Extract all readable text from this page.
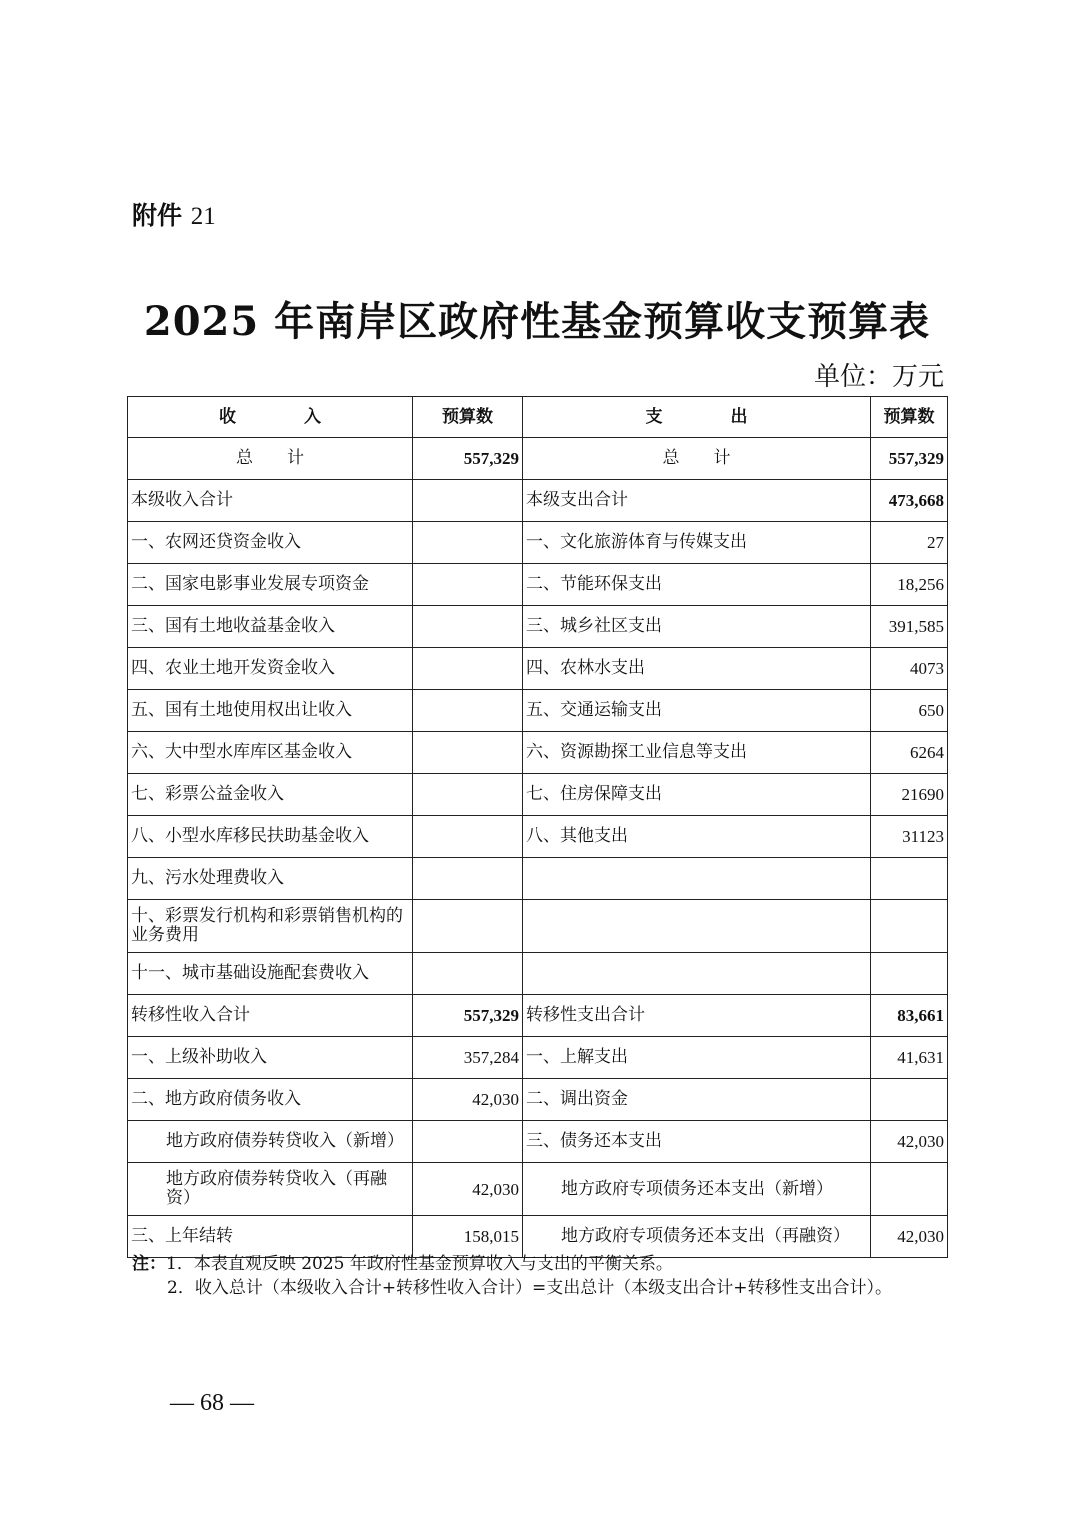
附件 21
2025 年南岸区政府性基金预算收支预算表
单位：万元
收　　　　入	预算数	支　　　　出	预算数
总　　计	557,329	总　　计	557,329
本级收入合计		本级支出合计	473,668
一、农网还贷资金收入		一、文化旅游体育与传媒支出	27
二、国家电影事业发展专项资金		二、节能环保支出	18,256
三、国有土地收益基金收入		三、城乡社区支出	391,585
四、农业土地开发资金收入		四、农林水支出	4073
五、国有土地使用权出让收入		五、交通运输支出	650
六、大中型水库库区基金收入		六、资源勘探工业信息等支出	6264
七、彩票公益金收入		七、住房保障支出	21690
八、小型水库移民扶助基金收入		八、其他支出	31123
九、污水处理费收入			
十、彩票发行机构和彩票销售机构的业务费用			
十一、城市基础设施配套费收入			
转移性收入合计	557,329	转移性支出合计	83,661
一、上级补助收入	357,284	一、上解支出	41,631
二、地方政府债务收入	42,030	二、调出资金	
地方政府债券转贷收入（新增）		三、债务还本支出	42,030
地方政府债券转贷收入（再融资）	42,030	地方政府专项债务还本支出（新增）	
三、上年结转	158,015	地方政府专项债务还本支出（再融资）	42,030
注：1．本表直观反映 2025 年政府性基金预算收入与支出的平衡关系。
2．收入总计（本级收入合计+转移性收入合计）=支出总计（本级支出合计+转移性支出合计）。
— 68 —
